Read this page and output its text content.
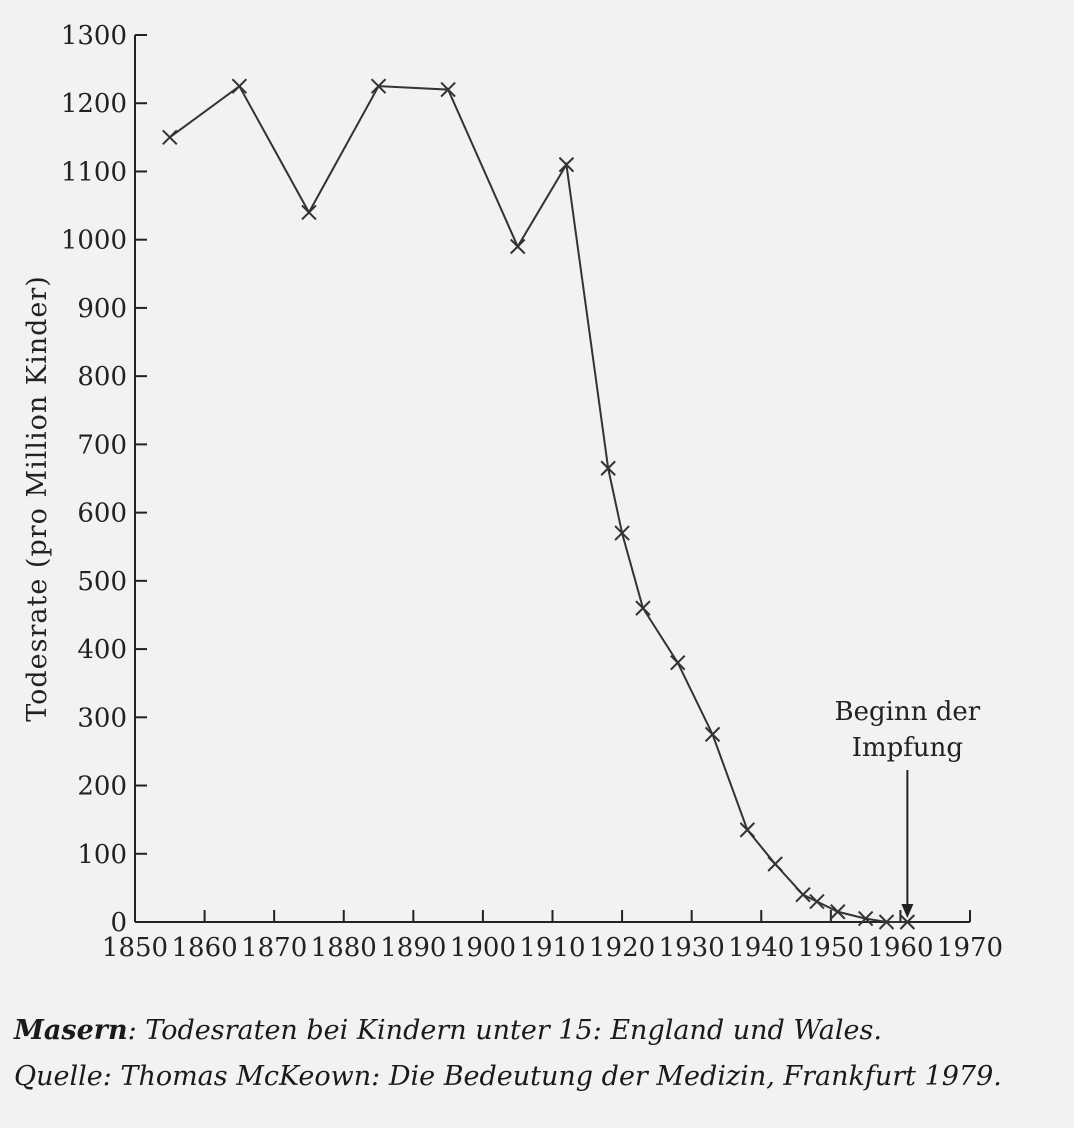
Todesrate (pro Million Kinder)
0
100
200
300
400
500
600
700
800
900
1000
1100
1200
1300
1850 1860 1870 1880 1890 1900 1910 1920 1930 1940 1950 1960 1970
Beginn der
Impfung
Masern: Todesraten bei Kindern unter 15: England und Wales.
Quelle: Thomas McKeown: Die Bedeutung der Medizin, Frankfurt 1979.
